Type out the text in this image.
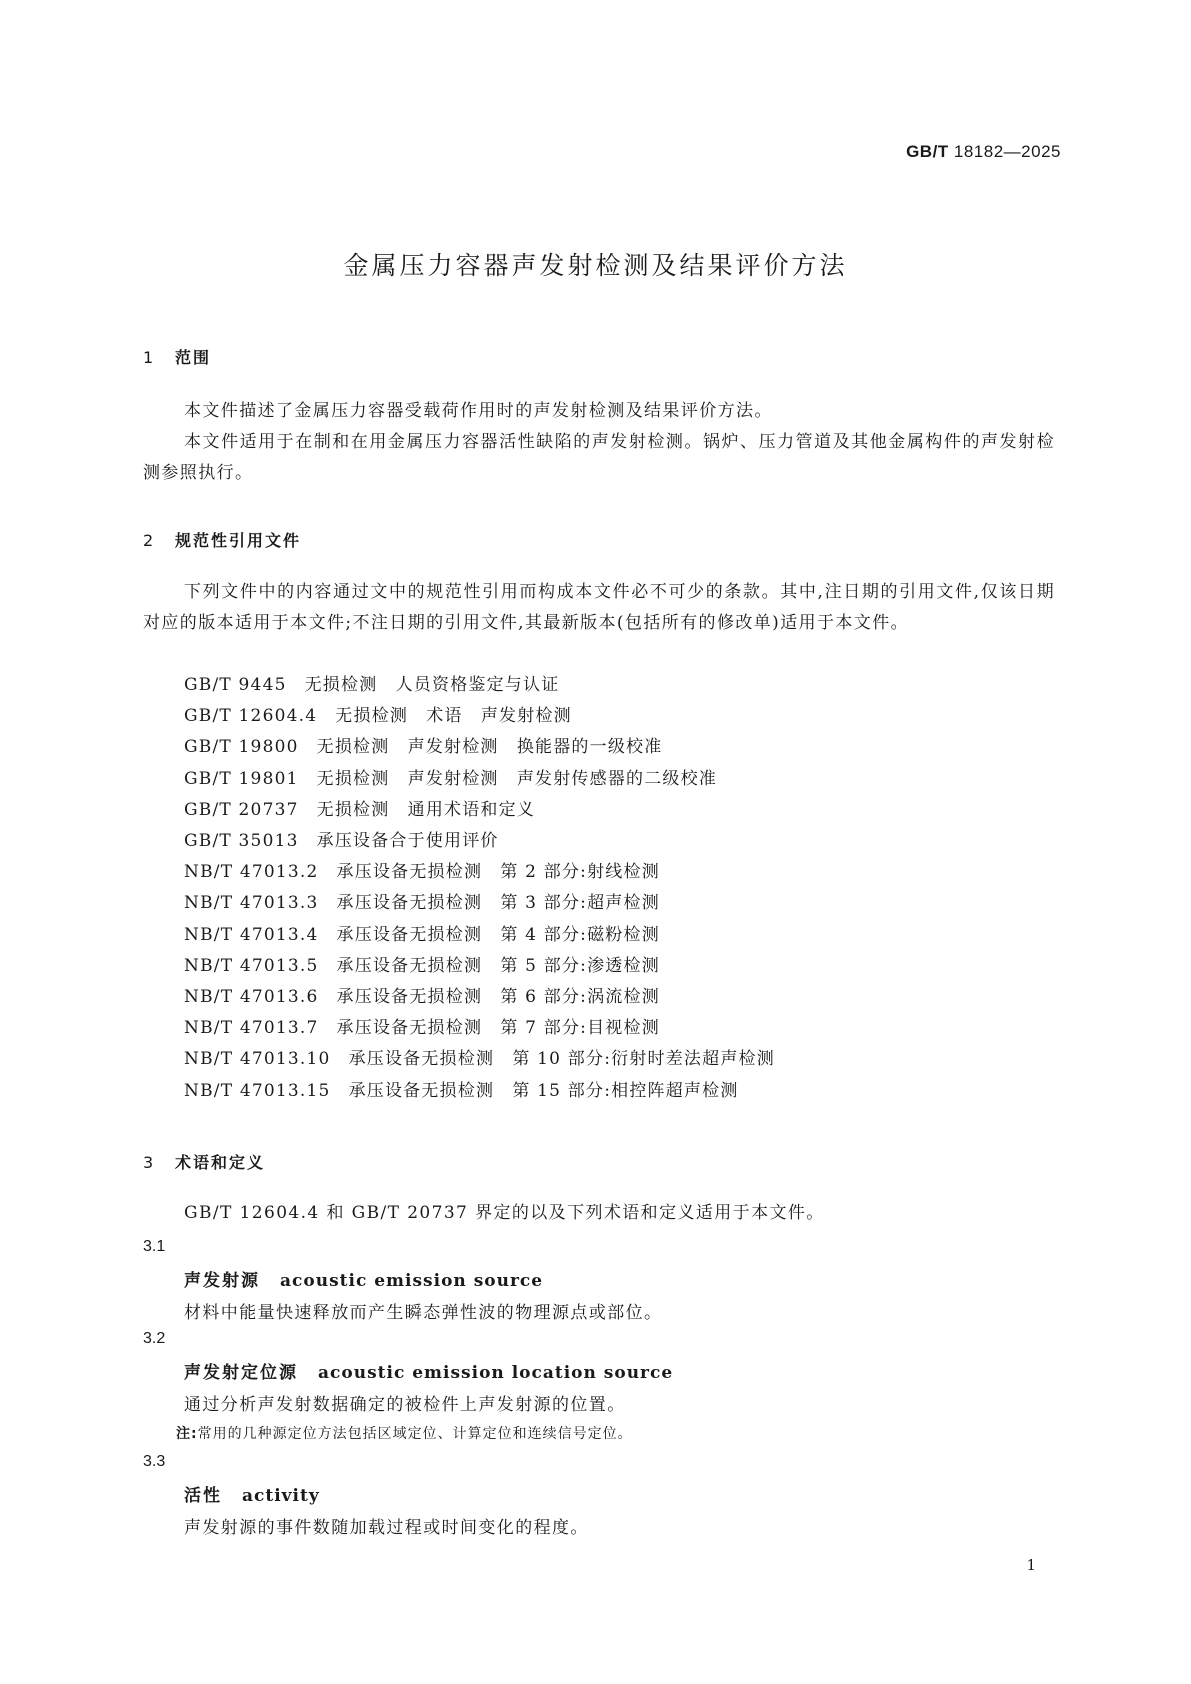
GB/T 18182—2025
金属压力容器声发射检测及结果评价方法
1 范围
本文件描述了金属压力容器受载荷作用时的声发射检测及结果评价方法。
本文件适用于在制和在用金属压力容器活性缺陷的声发射检测。锅炉、压力管道及其他金属构件的声发射检测参照执行。
2 规范性引用文件
下列文件中的内容通过文中的规范性引用而构成本文件必不可少的条款。其中,注日期的引用文件,仅该日期对应的版本适用于本文件;不注日期的引用文件,其最新版本(包括所有的修改单)适用于本文件。
GB/T 9445 无损检测　人员资格鉴定与认证
GB/T 12604.4 无损检测　术语　声发射检测
GB/T 19800 无损检测　声发射检测　换能器的一级校准
GB/T 19801 无损检测　声发射检测　声发射传感器的二级校准
GB/T 20737 无损检测　通用术语和定义
GB/T 35013 承压设备合于使用评价
NB/T 47013.2 承压设备无损检测　第 2 部分:射线检测
NB/T 47013.3 承压设备无损检测　第 3 部分:超声检测
NB/T 47013.4 承压设备无损检测　第 4 部分:磁粉检测
NB/T 47013.5 承压设备无损检测　第 5 部分:渗透检测
NB/T 47013.6 承压设备无损检测　第 6 部分:涡流检测
NB/T 47013.7 承压设备无损检测　第 7 部分:目视检测
NB/T 47013.10 承压设备无损检测　第 10 部分:衍射时差法超声检测
NB/T 47013.15 承压设备无损检测　第 15 部分:相控阵超声检测
3 术语和定义
GB/T 12604.4 和 GB/T 20737 界定的以及下列术语和定义适用于本文件。
3.1
声发射源 acoustic emission source
材料中能量快速释放而产生瞬态弹性波的物理源点或部位。
3.2
声发射定位源 acoustic emission location source
通过分析声发射数据确定的被检件上声发射源的位置。
注:常用的几种源定位方法包括区域定位、计算定位和连续信号定位。
3.3
活性 activity
声发射源的事件数随加载过程或时间变化的程度。
1
